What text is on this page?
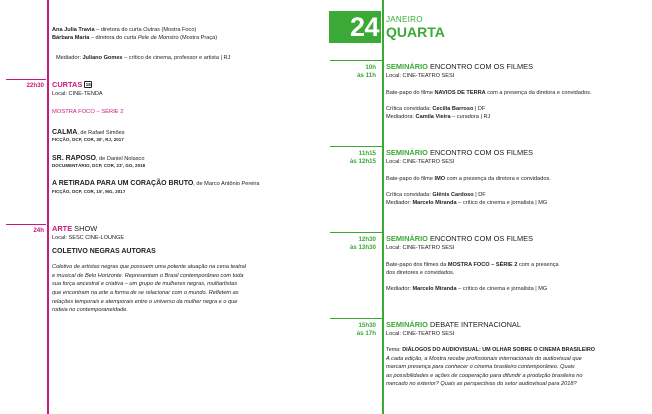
Ana Julia Travia – diretora do curta Outras (Mostra Foco)
Bárbara Maria – diretora do curta Pele de Monstro (Mostra Praça)
Mediador: Juliano Gomes – crítico de cinema, professor e artista | RJ
22h30 CURTAS 18
Local: CINE-TENDA
MOSTRA FOCO – SÉRIE 2
CALMA, de Rafael Simões
FICÇÃO, DCP, COR, 30', RJ, 2017
SR. RAPOSO, de Daniel Nolasco
DOCUMENTÁRIO, DCP, COR, 23', GO, 2018
A RETIRADA PARA UM CORAÇÃO BRUTO, de Marco Antônio Pereira
FICÇÃO, DCP, COR, 15', MG, 2017
24h ARTE SHOW
Local: SESC CINE-LOUNGE
COLETIVO NEGRAS AUTORAS
Coletivo de artistas negras que possuem uma potente atuação na cena teatral
e musical de Belo Horizonte. Representam o Brasil contemporâneo com toda
sua força ancestral e criativa – um grupo de mulheres negras, multiartistas
que encontram na arte a forma de se relacionar com o mundo. Refletem as
relações temporais e atemporais entre o universo da mulher negra e o que
rodeia no contemporaneidade.
24 JANEIRO
QUARTA
10h
às 11h
SEMINÁRIO ENCONTRO COM OS FILMES
Local: CINE-TEATRO SESI
Bate-papo do filme NAVIOS DE TERRA com a presença da diretora e convidados.
Crítica convidada: Cecília Barroso | DF
Mediadora: Camila Vieira – curadora | RJ
11h15
às 12h15
SEMINÁRIO ENCONTRO COM OS FILMES
Local: CINE-TEATRO SESI
Bate-papo do filme IMO com a presença da diretora e convidados.
Crítica convidada: Glênis Cardoso | DF
Mediador: Marcelo Miranda – crítico de cinema e jornalista | MG
12h30
às 13h30
SEMINÁRIO ENCONTRO COM OS FILMES
Local: CINE-TEATRO SESI
Bate-papo dos filmes da MOSTRA FOCO – SÉRIE 2 com a presença
dos diretores e convidados.
Mediador: Marcelo Miranda – crítico de cinema e jornalista | MG
15h30
às 17h
SEMINÁRIO DEBATE INTERNACIONAL
Local: CINE-TEATRO SESI
Tema: DIÁLOGOS DO AUDIOVISUAL: UM OLHAR SOBRE O CINEMA BRASILEIRO
A cada edição, a Mostra recebe profissionais internacionais do audiovisual que
marcam presença para conhecer o cinema brasileiro contemporâneo. Quais
as possibilidades e ações de cooperação para difundir a produção brasileira no
mercado no exterior? Quais as perspectivas do setor audiovisual para 2018?
